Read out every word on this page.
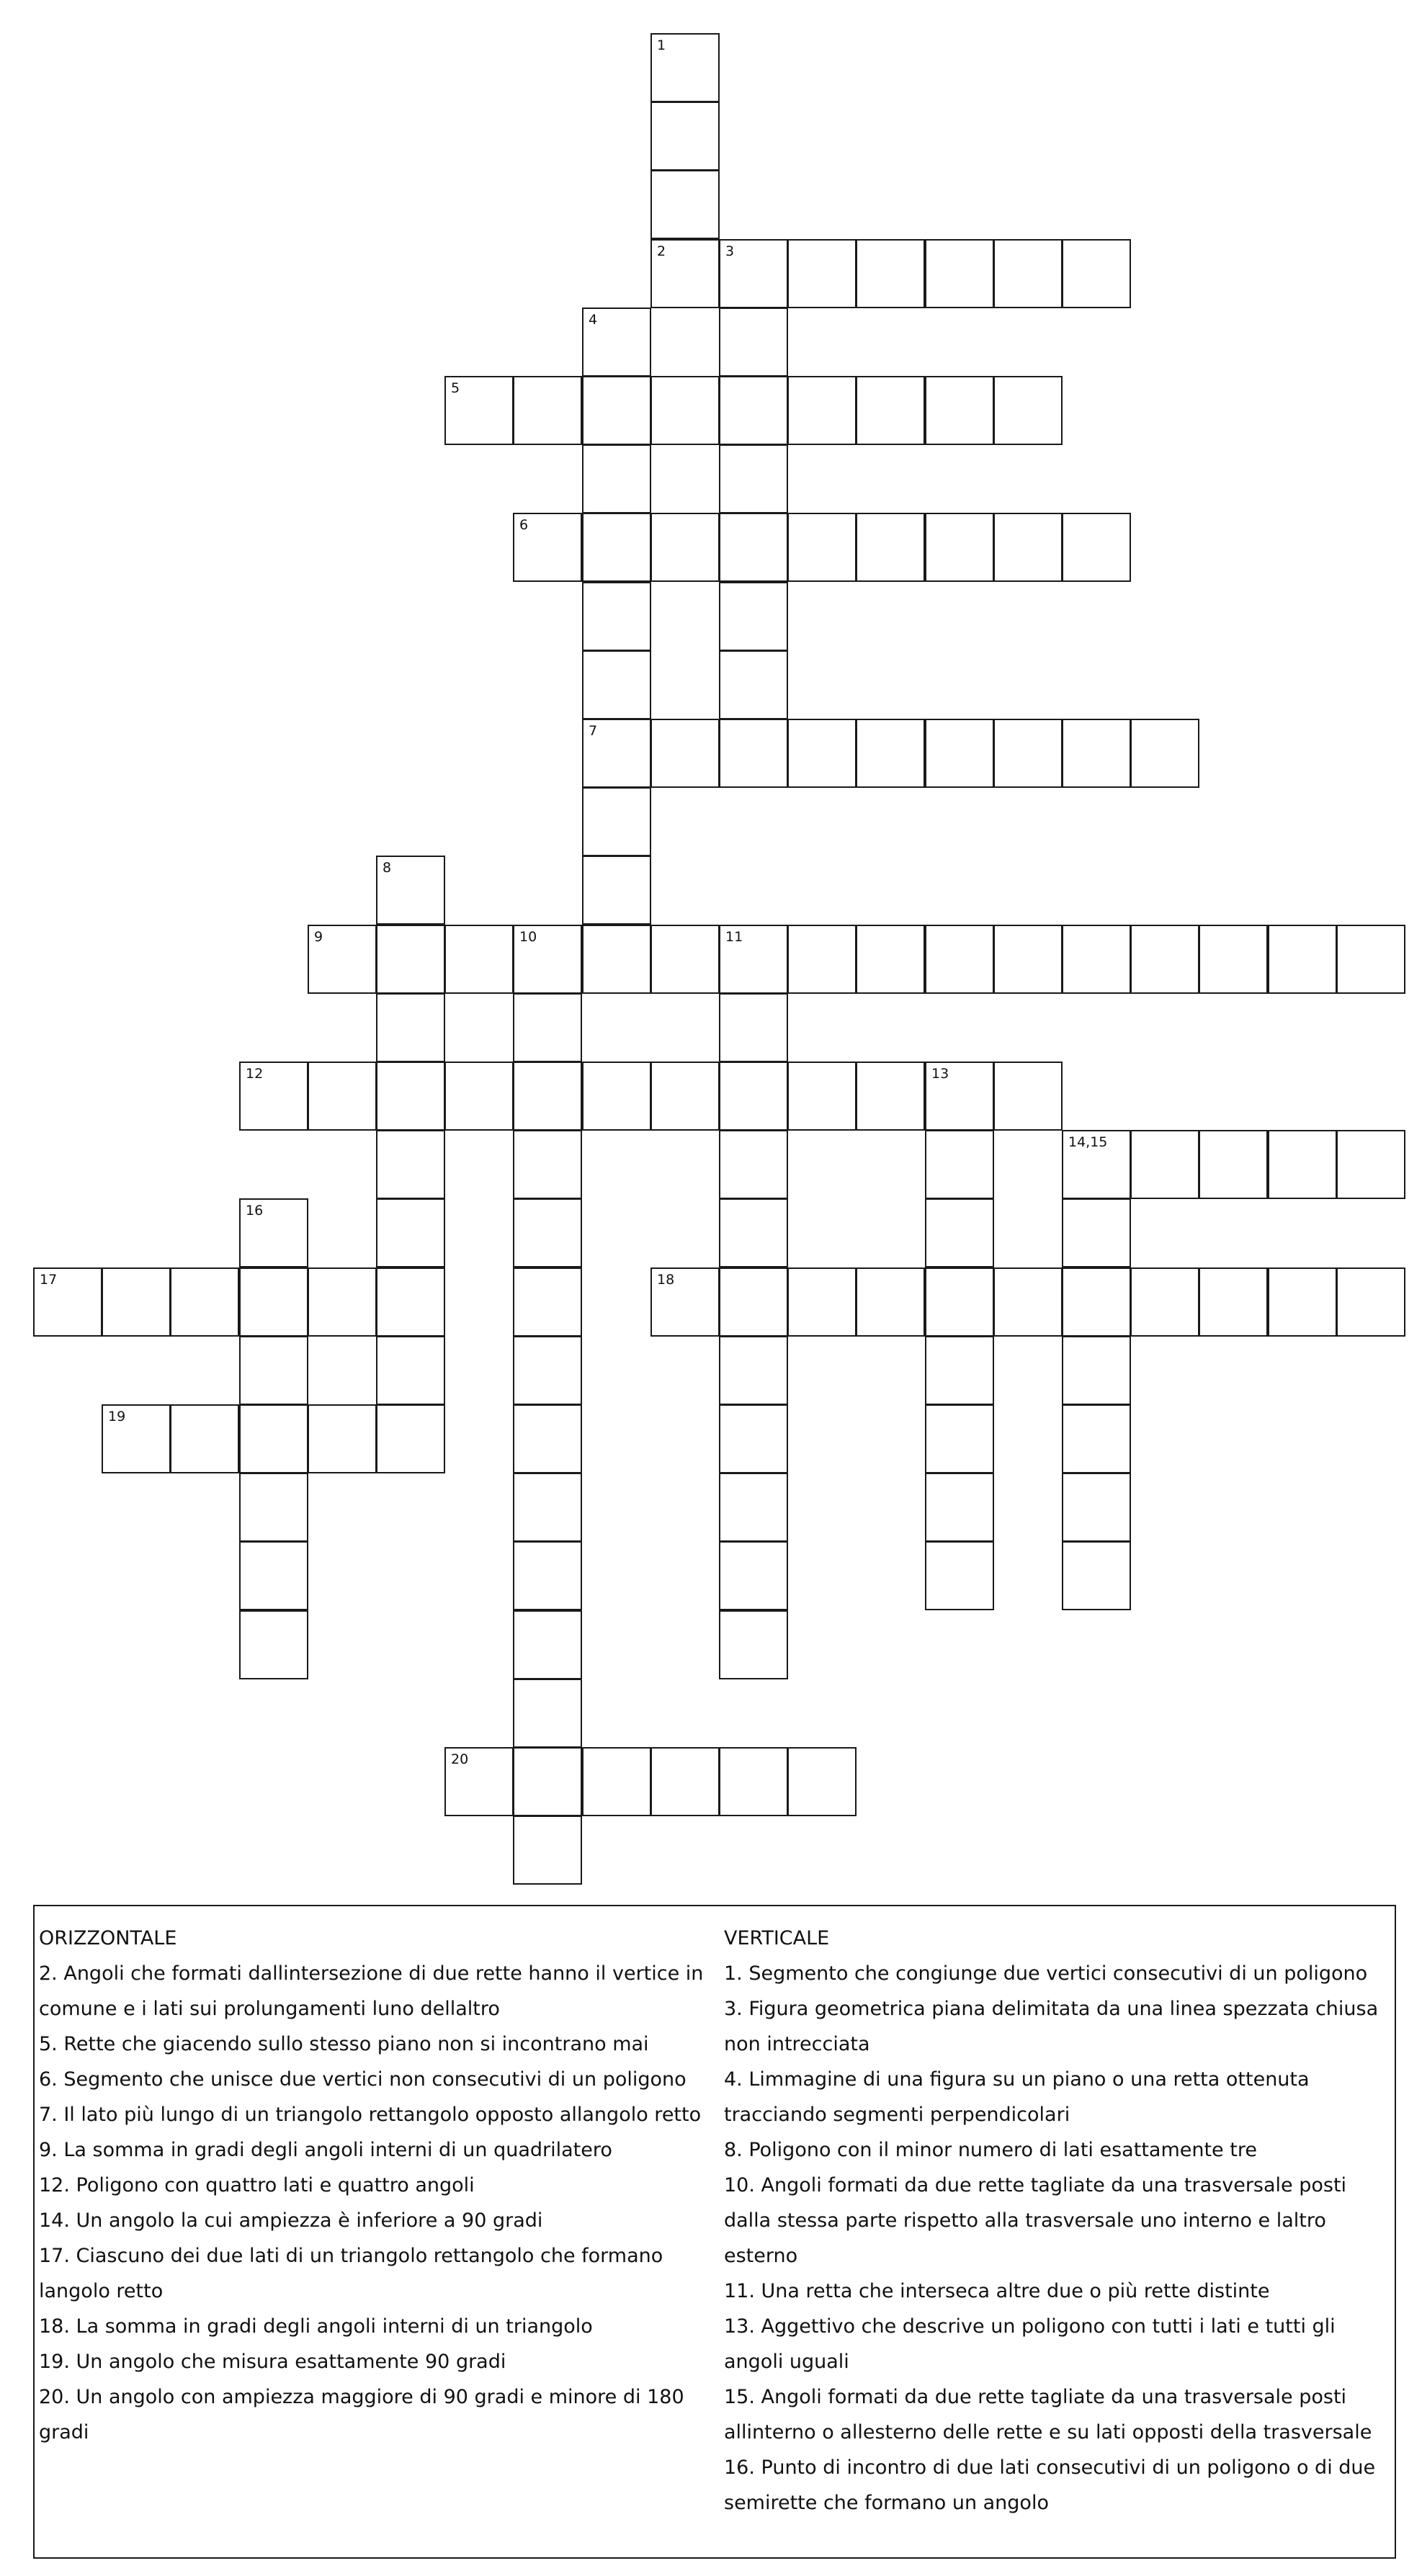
1
2	3
4
7
5
6
8
9	10	11
12	13
14,15
16
17	18
19
20
ORIZZONTALE
2. Angoli che formati dallintersezione di due rette hanno il vertice in comune e i lati sui prolungamenti luno dellaltro
5. Rette che giacendo sullo stesso piano non si incontrano mai
6. Segmento che unisce due vertici non consecutivi di un poligono
7. Il lato più lungo di un triangolo rettangolo opposto allangolo retto
9. La somma in gradi degli angoli interni di un quadrilatero
12. Poligono con quattro lati e quattro angoli
14. Un angolo la cui ampiezza è inferiore a 90 gradi
17. Ciascuno dei due lati di un triangolo rettangolo che formano langolo retto
18. La somma in gradi degli angoli interni di un triangolo
19. Un angolo che misura esattamente 90 gradi
20. Un angolo con ampiezza maggiore di 90 gradi e minore di 180 gradi
VERTICALE
1. Segmento che congiunge due vertici consecutivi di un poligono
3. Figura geometrica piana delimitata da una linea spezzata chiusa non intrecciata
4. Limmagine di una figura su un piano o una retta ottenuta tracciando segmenti perpendicolari
8. Poligono con il minor numero di lati esattamente tre
10. Angoli formati da due rette tagliate da una trasversale posti dalla stessa parte rispetto alla trasversale uno interno e laltro esterno
11. Una retta che interseca altre due o più rette distinte
13. Aggettivo che descrive un poligono con tutti i lati e tutti gli angoli uguali
15. Angoli formati da due rette tagliate da una trasversale posti allinterno o allesterno delle rette e su lati opposti della trasversale
16. Punto di incontro di due lati consecutivi di un poligono o di due semirette che formano un angolo
